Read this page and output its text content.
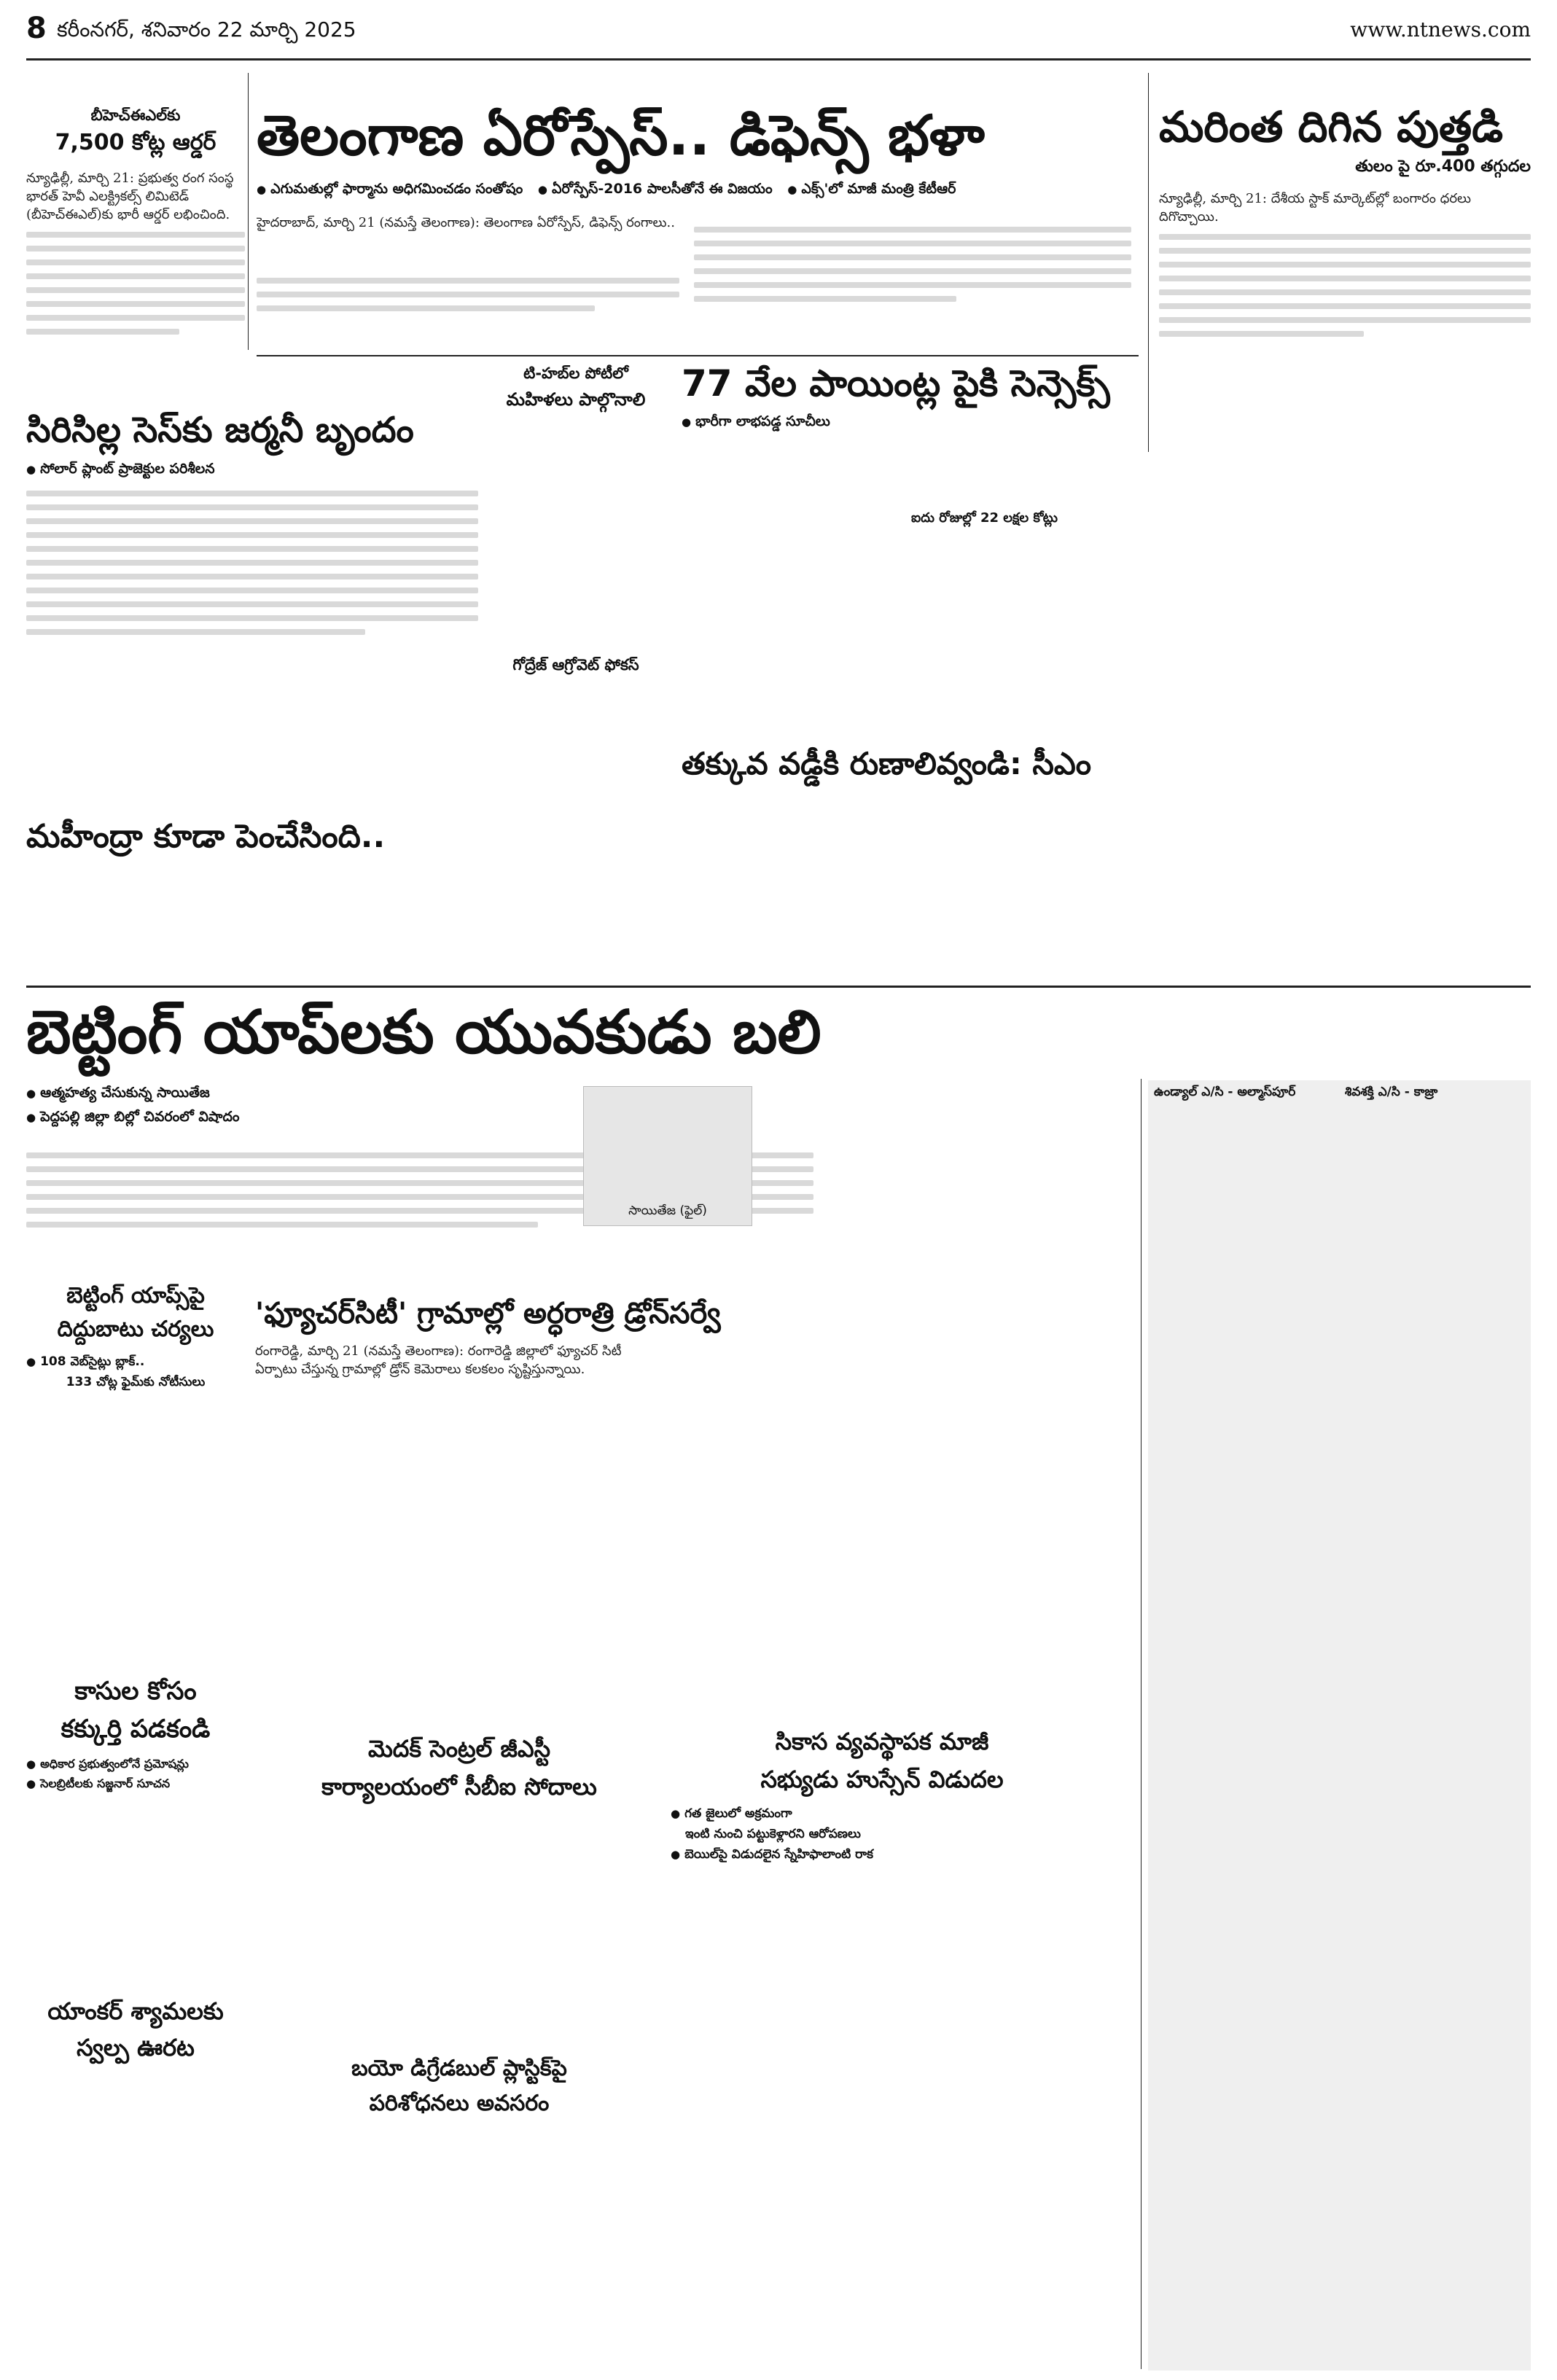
8 కరీంనగర్, శనివారం 22 మార్చి 2025	www.ntnews.com
బీహెచ్‌ఈఎల్‌కు
7,500 కోట్ల ఆర్డర్
న్యూఢిల్లీ, మార్చి 21: ప్రభుత్వ రంగ సంస్థ భారత్ హెవీ ఎలక్ట్రికల్స్ లిమిటెడ్ (బీహెచ్‌ఈఎల్)‌కు భారీ ఆర్డర్ లభించింది.
తెలంగాణ ఏరోస్పేస్.. డిఫెన్స్ భళా
● ఎగుమతుల్లో ఫార్మాను అధిగమించడం సంతోషం ● ఏరోస్పేస్-2016 పాలసీతోనే ఈ విజయం ● ఎక్స్'లో మాజీ మంత్రి కేటీఆర్
హైదరాబాద్, మార్చి 21 (నమస్తే తెలంగాణ): తెలంగాణ ఏరోస్పేస్, డిఫెన్స్ రంగాలు..
మరింత దిగిన పుత్తడి
తులం పై రూ.400 తగ్గుదల
న్యూఢిల్లీ, మార్చి 21: దేశీయ స్టాక్ మార్కెట్‌ల్లో బంగారం ధరలు దిగొచ్చాయి.
టి-హబ్‌ల పోటీలో
మహిళలు పాల్గొనాలి 77 వేల పాయింట్ల పైకి సెన్సెక్స్
● భారీగా లాభపడ్డ సూచీలు
ఐదు రోజుల్లో 22 లక్షల కోట్లు
సిరిసిల్ల సెస్‌కు జర్మనీ బృందం
● సోలార్ ప్లాంట్ ప్రాజెక్టుల పరిశీలన
గోద్రేజ్ ఆగ్రోవెట్ ఫోకస్
తక్కువ వడ్డీకి రుణాలివ్వండి: సీఎం
మహీంద్రా కూడా పెంచేసింది..
బెట్టింగ్ యాప్‌లకు యువకుడు బలి
● ఆత్మహత్య చేసుకున్న సాయితేజ
● పెద్దపల్లి జిల్లా బిల్లో చివరంలో విషాదం
సాయితేజ (ఫైల్)
బెట్టింగ్ యాప్స్‌పై
దిద్దుబాటు చర్యలు
● 108 వెబ్‌సైట్లు బ్లాక్..
133 చోట్ల ఫైమ్‌కు నోటీసులు
'ఫ్యూచర్‌సిటీ' గ్రామాల్లో అర్ధరాత్రి డ్రోన్‌సర్వే
రంగారెడ్డి, మార్చి 21 (నమస్తే తెలంగాణ): రంగారెడ్డి జిల్లాలో ఫ్యూచర్ సిటీ ఏర్పాటు చేస్తున్న గ్రామాల్లో డ్రోన్ కెమెరాలు కలకలం సృష్టిస్తున్నాయి.
కాసుల కోసం
కక్కుర్తి పడకండి
● అధికార ప్రభుత్వంలోనే ప్రమోషన్లు
● సెలబ్రిటీలకు సజ్జనార్ సూచన
యాంకర్ శ్యామలకు
స్వల్ప ఊరట
మెదక్ సెంట్రల్ జీఎస్టీ
కార్యాలయంలో సీబీఐ సోదాలు
సికాస వ్యవస్థాపక మాజీ
సభ్యుడు హుస్సేన్ విడుదల
● గత జైలులో అక్రమంగా
ఇంటి నుంచి పట్టుకెళ్లారని ఆరోపణలు
● బెయిల్‌పై విడుదలైన స్నేహిఫాలాంటి రాక
బయో డిగ్రేడబుల్ ప్లాస్టిక్‌పై
పరిశోధనలు అవసరం
ఉండ్యాల్ ఎ/సి - అల్మాస్‌పూర్	శివశక్తి ఎ/సి - కాజ్రా
